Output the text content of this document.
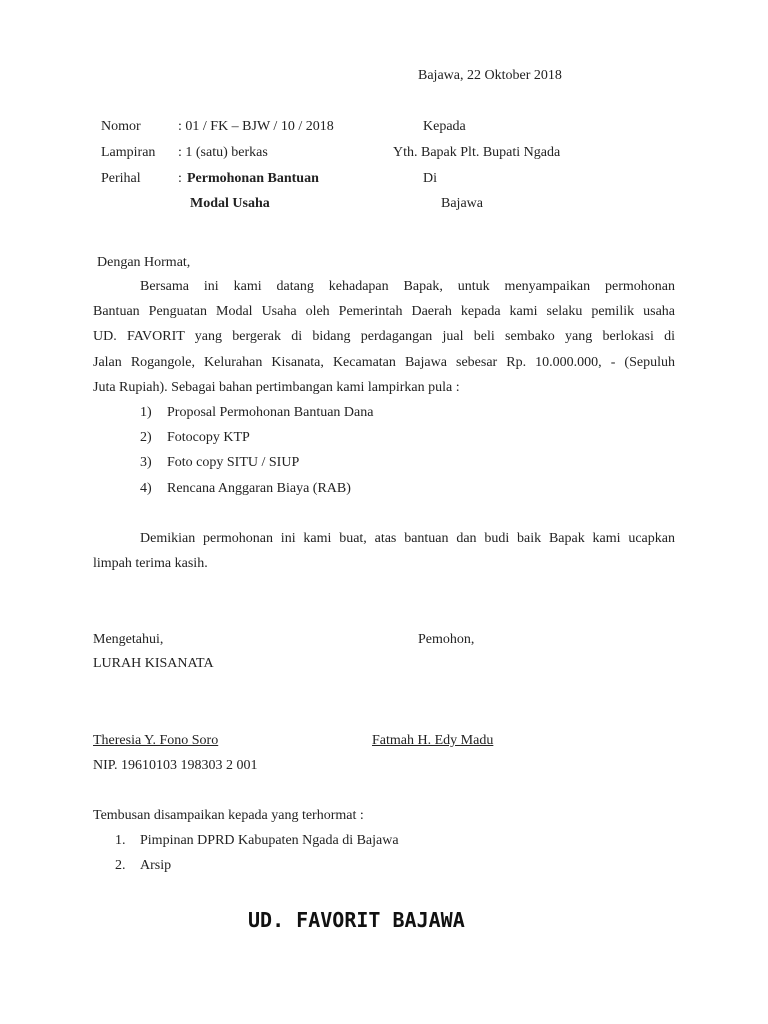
Bajawa, 22 Oktober 2018
Nomor	: 01 / FK – BJW / 10 / 2018
Lampiran : 1 (satu) berkas
Perihal	: Permohonan Bantuan
Modal Usaha
Kepada
Yth. Bapak Plt. Bupati Ngada
Di
Bajawa
Dengan Hormat,
Bersama ini kami datang kehadapan Bapak, untuk menyampaikan permohonan
Bantuan Penguatan Modal Usaha oleh Pemerintah Daerah kepada kami selaku pemilik usaha
UD. FAVORIT yang bergerak di bidang perdagangan jual beli sembako yang berlokasi di
Jalan Rogangole, Kelurahan Kisanata, Kecamatan Bajawa sebesar Rp. 10.000.000, - (Sepuluh
Juta Rupiah). Sebagai bahan pertimbangan kami lampirkan pula :
1) Proposal Permohonan Bantuan Dana
2) Fotocopy KTP
3) Foto copy SITU / SIUP
4) Rencana Anggaran Biaya (RAB)
Demikian permohonan ini kami buat, atas bantuan dan budi baik Bapak kami ucapkan
limpah terima kasih.
Mengetahui,	Pemohon,
LURAH KISANATA
Theresia Y. Fono Soro	Fatmah H. Edy Madu
NIP. 19610103 198303 2 001
Tembusan disampaikan kepada yang terhormat :
1. Pimpinan DPRD Kabupaten Ngada di Bajawa
2. Arsip
UD. FAVORIT BAJAWA
